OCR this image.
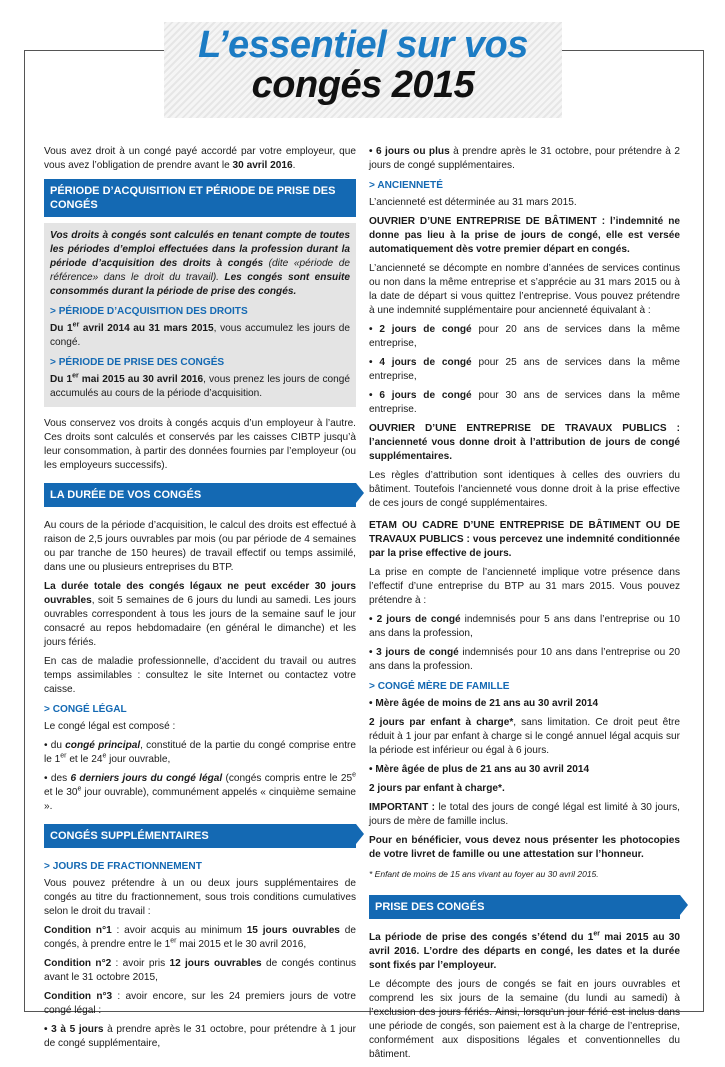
L’essentiel sur vos
congés 2015

Vous avez droit à un congé payé accordé par votre employeur, que vous avez l’obligation de prendre avant le 30 avril 2016.

PÉRIODE D’ACQUISITION ET PÉRIODE DE PRISE DES CONGÉS

Vos droits à congés sont calculés en tenant compte de toutes les périodes d’emploi effectuées dans la profession durant la période d’acquisition des droits à congés (dite «période de référence» dans le droit du travail). Les congés sont ensuite consommés durant la période de prise des congés.

> PÉRIODE D’ACQUISITION DES DROITS

Du 1er avril 2014 au 31 mars 2015, vous accumulez les jours de congé.

> PÉRIODE DE PRISE DES CONGÉS

Du 1er mai 2015 au 30 avril 2016, vous prenez les jours de congé accumulés au cours de la période d’acquisition.

Vous conservez vos droits à congés acquis d’un employeur à l’autre. Ces droits sont calculés et conservés par les caisses CIBTP jusqu’à leur consommation, à partir des données fournies par l’employeur (ou les employeurs successifs).

LA DURÉE DE VOS CONGÉS

Au cours de la période d’acquisition, le calcul des droits est effectué à raison de 2,5 jours ouvrables par mois (ou par période de 4 semaines ou par tranche de 150 heures) de travail effectif ou temps assimilé, dans une ou plusieurs entreprises du BTP.

La durée totale des congés légaux ne peut excéder 30 jours ouvrables, soit 5 semaines de 6 jours du lundi au samedi. Les jours ouvrables correspondent à tous les jours de la semaine sauf le jour consacré au repos hebdomadaire (en général le dimanche) et les jours fériés.

En cas de maladie professionnelle, d’accident du travail ou autres temps assimilables : consultez le site Internet ou contactez votre caisse.

> CONGÉ LÉGAL

Le congé légal est composé :

• du congé principal, constitué de la partie du congé comprise entre le 1er et le 24e jour ouvrable,

• des 6 derniers jours du congé légal (congés compris entre le 25e et le 30e jour ouvrable), communément appelés « cinquième semaine ».

CONGÉS SUPPLÉMENTAIRES
> JOURS DE FRACTIONNEMENT

Vous pouvez prétendre à un ou deux jours supplémentaires de congés au titre du fractionnement, sous trois conditions cumulatives selon le droit du travail :

Condition n°1 : avoir acquis au minimum 15 jours ouvrables de congés, à prendre entre le 1er mai 2015 et le 30 avril 2016,

Condition n°2 : avoir pris 12 jours ouvrables de congés continus avant le 31 octobre 2015,

Condition n°3 : avoir encore, sur les 24 premiers jours de votre congé légal :

• 3 à 5 jours à prendre après le 31 octobre, pour prétendre à 1 jour de congé supplémentaire,

• 6 jours ou plus à prendre après le 31 octobre, pour prétendre à 2 jours de congé supplémentaires.

> ANCIENNETÉ

L’ancienneté est déterminée au 31 mars 2015.

OUVRIER D’UNE ENTREPRISE DE BÂTIMENT : l’indemnité ne donne pas lieu à la prise de jours de congé, elle est versée automatiquement dès votre premier départ en congés.

L’ancienneté se décompte en nombre d’années de services continus ou non dans la même entreprise et s’apprécie au 31 mars 2015 ou à la date de départ si vous quittez l’entreprise. Vous pouvez prétendre à une indemnité supplémentaire pour ancienneté équivalant à :

• 2 jours de congé pour 20 ans de services dans la même entreprise,

• 4 jours de congé pour 25 ans de services dans la même entreprise,

• 6 jours de congé pour 30 ans de services dans la même entreprise.

OUVRIER D’UNE ENTREPRISE DE TRAVAUX PUBLICS : l’ancienneté vous donne droit à l’attribution de jours de congé supplémentaires.

Les règles d’attribution sont identiques à celles des ouvriers du bâtiment. Toutefois l’ancienneté vous donne droit à la prise effective de ces jours de congé supplémentaires.

ETAM OU CADRE D’UNE ENTREPRISE DE BÂTIMENT OU DE TRAVAUX PUBLICS : vous percevez une indemnité conditionnée par la prise effective de jours.

La prise en compte de l’ancienneté implique votre présence dans l’effectif d’une entreprise du BTP au 31 mars 2015. Vous pouvez prétendre à :

• 2 jours de congé indemnisés pour 5 ans dans l’entreprise ou 10 ans dans la profession,

• 3 jours de congé indemnisés pour 10 ans dans l’entreprise ou 20 ans dans la profession.

> CONGÉ MÈRE DE FAMILLE

• Mère âgée de moins de 21 ans au 30 avril 2014

2 jours par enfant à charge*, sans limitation. Ce droit peut être réduit à 1 jour par enfant à charge si le congé annuel légal acquis sur la période est inférieur ou égal à 6 jours.

• Mère âgée de plus de 21 ans au 30 avril 2014

2 jours par enfant à charge*.

IMPORTANT : le total des jours de congé légal est limité à 30 jours, jours de mère de famille inclus.

Pour en bénéficier, vous devez nous présenter les photocopies de votre livret de famille ou une attestation sur l’honneur.

* Enfant de moins de 15 ans vivant au foyer au 30 avril 2015.

PRISE DES CONGÉS

La période de prise des congés s’étend du 1er mai 2015 au 30 avril 2016. L’ordre des départs en congé, les dates et la durée sont fixés par l’employeur.

Le décompte des jours de congés se fait en jours ouvrables et comprend les six jours de la semaine (du lundi au samedi) à l’exclusion des jours fériés. Ainsi, lorsqu’un jour férié est inclus dans une période de congés, son paiement est à la charge de l’entreprise, conformément aux dispositions légales et conventionnelles du bâtiment.
